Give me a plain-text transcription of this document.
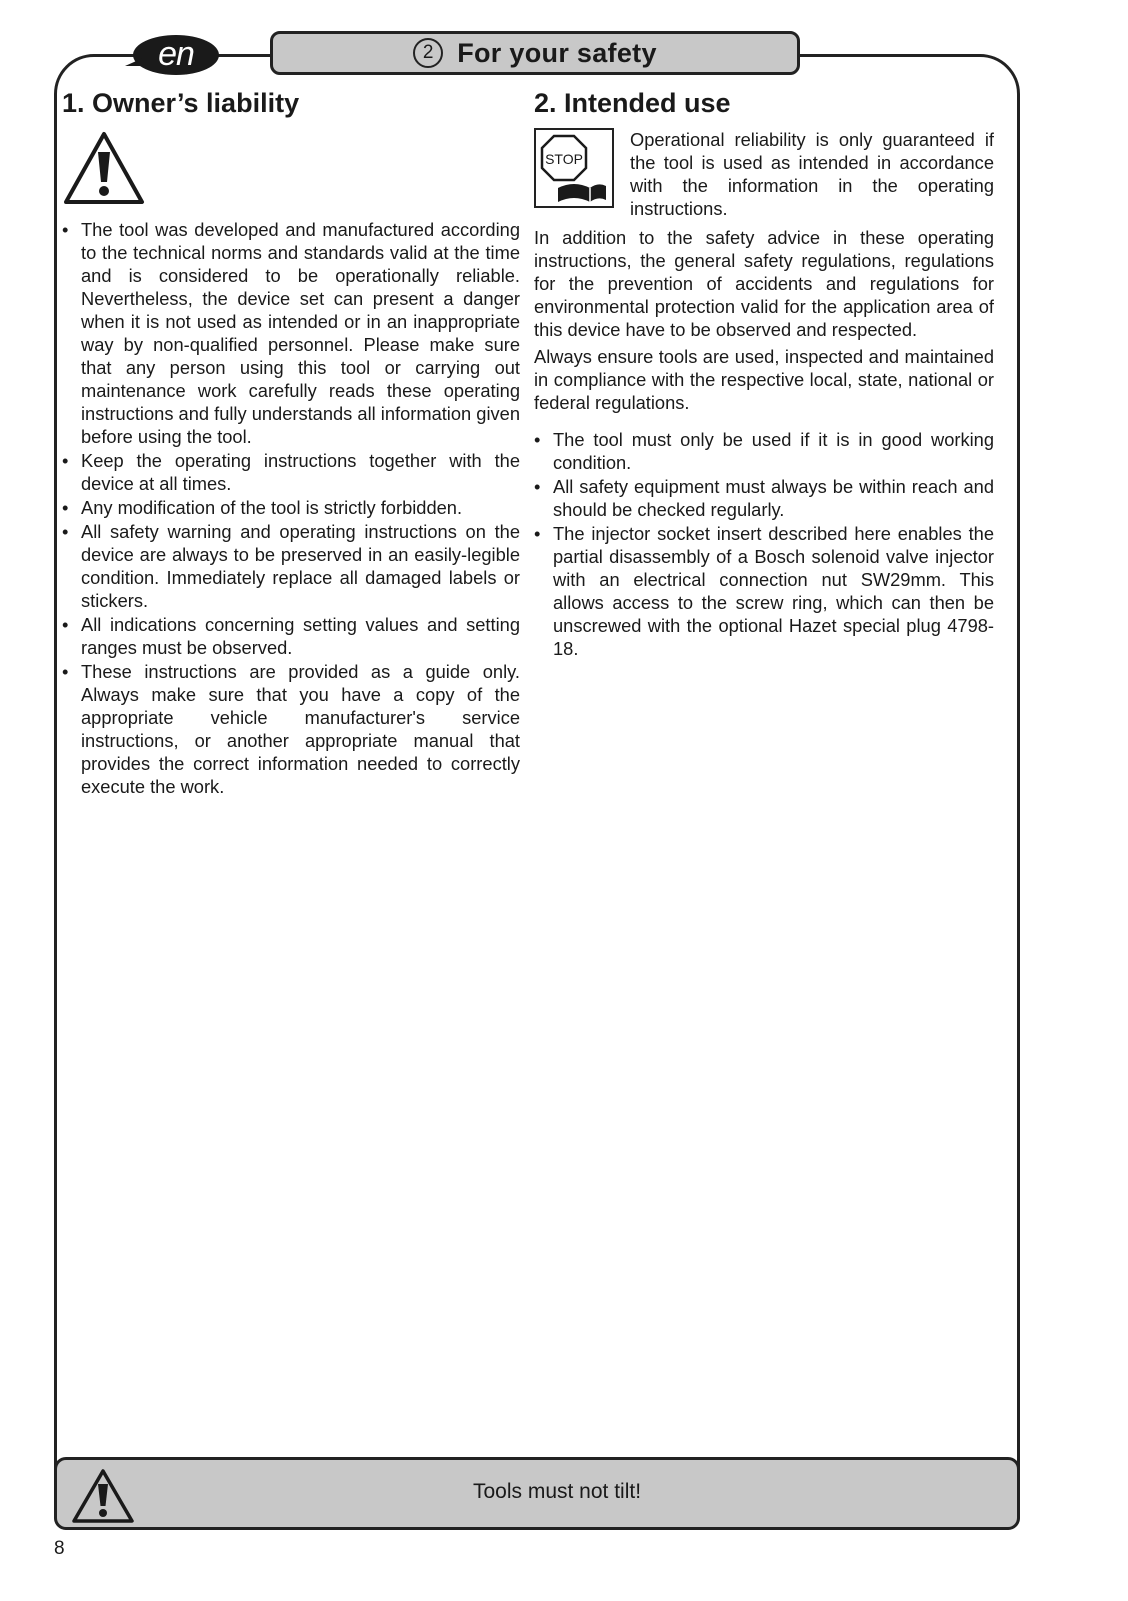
en	2 For your safety
1. Owner’s liability
• The tool was developed and manufactured according to the technical norms and standards valid at the time and is considered to be operationally reliable. Nevertheless, the device set can present a danger when it is not used as intended or in an inappropriate way by non-qualified personnel. Please make sure that any person using this tool or carrying out maintenance work carefully reads these operating instructions and fully understands all information given before using the tool.
• Keep the operating instructions together with the device at all times.
• Any modification of the tool is strictly forbidden.
• All safety warning and operating instructions on the device are always to be preserved in an easily-legible condition. Immediately replace all damaged labels or stickers.
• All indications concerning setting values and setting ranges must be observed.
• These instructions are provided as a guide only. Always make sure that you have a copy of the appropriate vehicle manufacturer's service instructions, or another appropriate manual that provides the correct information needed to correctly execute the work.
2. Intended use
STOP
Operational reliability is only guaranteed if the tool is used as intended in accordance with the information in the operating instructions.

In addition to the safety advice in these operating instructions, the general safety regulations, regulations for the prevention of accidents and regulations for environmental protection valid for the application area of this device have to be observed and respected.

Always ensure tools are used, inspected and maintained in compliance with the respective local, state, national or federal regulations.

• The tool must only be used if it is in good working condition.
• All safety equipment must always be within reach and should be checked regularly.
• The injector socket insert described here enables the partial disassembly of a Bosch solenoid valve injector with an electrical connection nut SW29mm. This allows access to the screw ring, which can then be unscrewed with the optional Hazet special plug 4798-18.
Tools must not tilt!
8
